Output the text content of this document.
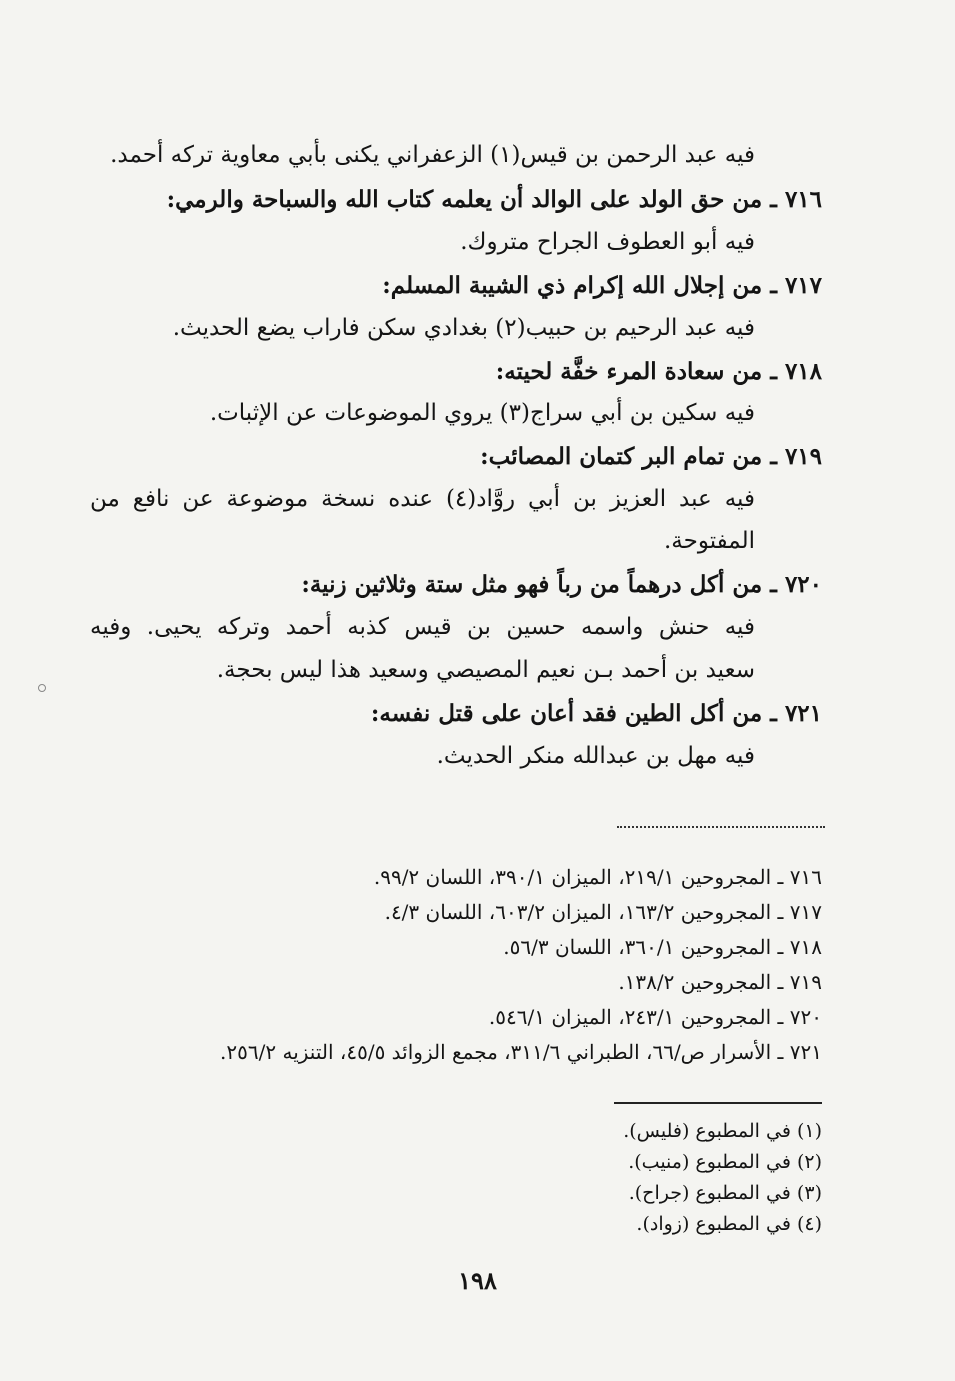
فيه عبد الرحمن بن قيس(١) الزعفراني يكنى بأبي معاوية تركه أحمد.
٧١٦ ـ من حق الولد على الوالد أن يعلمه كتاب الله والسباحة والرمي:
فيه أبو العطوف الجراح متروك.
٧١٧ ـ من إجلال الله إكرام ذي الشيبة المسلم:
فيه عبد الرحيم بن حبيب(٢) بغدادي سكن فاراب يضع الحديث.
٧١٨ ـ من سعادة المرء خفَّة لحيته:
فيه سكين بن أبي سراج(٣) يروي الموضوعات عن الإثبات.
٧١٩ ـ من تمام البر كتمان المصائب:
فيه عبد العزيز بن أبي روَّاد(٤) عنده نسخة موضوعة عن نافع من
المفتوحة.
٧٢٠ ـ من أكل درهماً من رباً فهو مثل ستة وثلاثين زنية:
فيه حنش واسمه حسين بن قيس كذبه أحمد وتركه يحيى. وفيه
سعيد بن أحمد بـن نعيم المصيصي وسعيد هذا ليس بحجة.
٧٢١ ـ من أكل الطين فقد أعان على قتل نفسه:
فيه مهل بن عبدالله منكر الحديث.
٧١٦ ـ المجروحين ٢١٩/١، الميزان ٣٩٠/١، اللسان ٩٩/٢.
٧١٧ ـ المجروحين ١٦٣/٢، الميزان ٦٠٣/٢، اللسان ٤/٣.
٧١٨ ـ المجروحين ٣٦٠/١، اللسان ٥٦/٣.
٧١٩ ـ المجروحين ١٣٨/٢.
٧٢٠ ـ المجروحين ٢٤٣/١، الميزان ٥٤٦/١.
٧٢١ ـ الأسرار ص/٦٦، الطبراني ٣١١/٦، مجمع الزوائد ٤٥/٥، التنزيه ٢٥٦/٢.
(١) في المطبوع (فليس).
(٢) في المطبوع (منيب).
(٣) في المطبوع (جراح).
(٤) في المطبوع (زواد).
١٩٨
